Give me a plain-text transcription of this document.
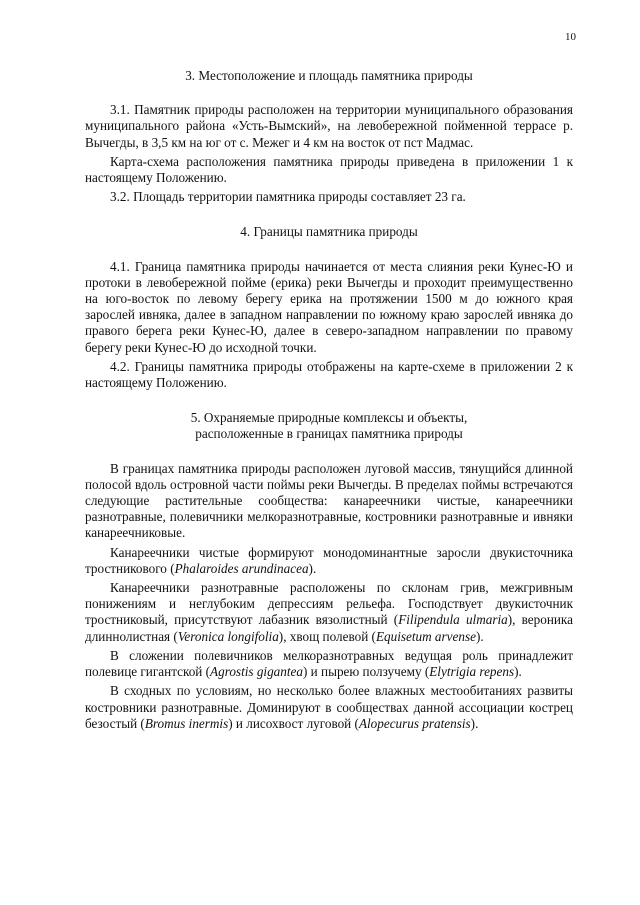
10
3. Местоположение и площадь памятника природы

3.1. Памятник природы расположен на территории муниципального образования муниципального района «Усть-Вымский», на левобережной пойменной террасе р. Вычегды, в 3,5 км на юг от с. Межег и 4 км на восток от пст Мадмас.

Карта-схема расположения памятника природы приведена в приложении 1 к настоящему Положению.

3.2. Площадь территории памятника природы составляет 23 га.

4. Границы памятника природы

4.1. Граница памятника природы начинается от места слияния реки Кунес-Ю и протоки в левобережной пойме (ерика) реки Вычегды и проходит преимущественно на юго-восток по левому берегу ерика на протяжении 1500 м до южного края зарослей ивняка, далее в западном направлении по южному краю зарослей ивняка до правого берега реки Кунес-Ю, далее в северо-западном направлении по правому берегу реки Кунес-Ю до исходной точки.

4.2. Границы памятника природы отображены на карте-схеме в приложении 2 к настоящему Положению.

5. Охраняемые природные комплексы и объекты,
расположенные в границах памятника природы

В границах памятника природы расположен луговой массив, тянущийся длинной полосой вдоль островной части поймы реки Вычегды. В пределах поймы встречаются следующие растительные сообщества: канареечники чистые, канареечники разнотравные, полевичники мелкоразнотравные, костровники разнотравные и ивняки канареечниковые.

Канареечники чистые формируют монодоминантные заросли двукисточника тростникового (Phalaroides arundinacea).

Канареечники разнотравные расположены по склонам грив, межгривным понижениям и неглубоким депрессиям рельефа. Господствует двукисточник тростниковый, присутствуют лабазник вязолистный (Filipendula ulmaria), вероника длиннолистная (Veronica longifolia), хвощ полевой (Equisetum arvense).

В сложении полевичников мелкоразнотравных ведущая роль принадлежит полевице гигантской (Agrostis gigantea) и пырею ползучему (Elytrigia repens).

В сходных по условиям, но несколько более влажных местообитаниях развиты костровники разнотравные. Доминируют в сообществах данной ассоциации кострец безостый (Bromus inermis) и лисохвост луговой (Alopecurus pratensis).
